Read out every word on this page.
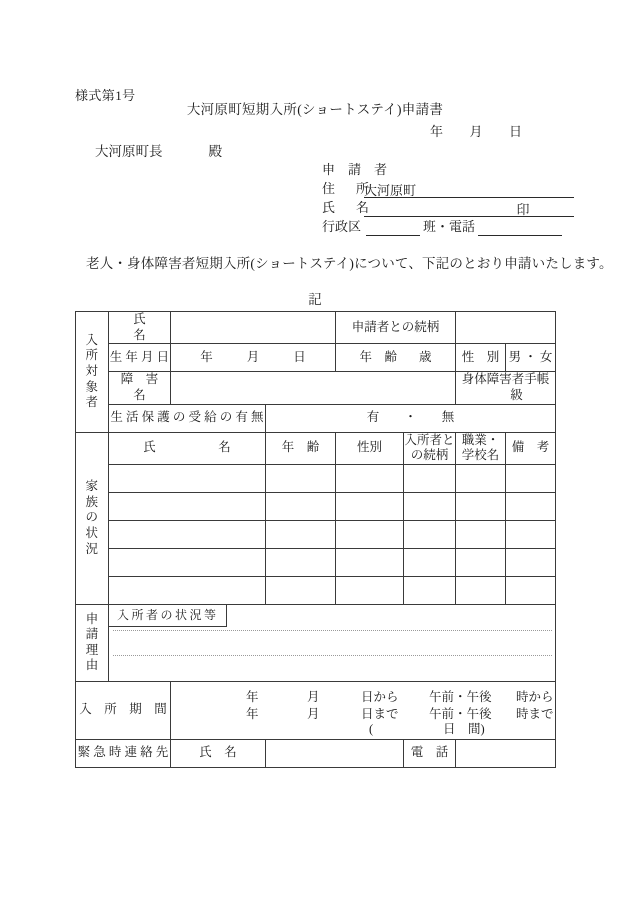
様式第1号
大河原町短期入所(ショートステイ)申請書
年 月 日
大河原町長	殿
申　請　者
住　所
大河原町
氏　名	印
行政区	班・電話
老人・身体障害者短期入所(ショートステイ)について、下記のとおり申請いたします。
記
入
所
対
象
者	氏　　　名			申請者との続柄			
	生 年 月 日	年 月 日		年　齢 歳		性　別	男 ・ 女
	障　害　名					身体障害者手帳級	
	生 活 保 護 の 受 給 の 有 無		有　　・　　無				

家
族
の
状
況	氏　　　　　名		年　齢	性別	入所者との続柄	職業・学校名	備　考

申
請
理
由	入所者の状況等						

入　所　期　間	
年	月	日から 午前・午後 時から
年	月	日まで 午前・午後 時まで
(	日　間)

緊 急 時 連 絡 先		氏　名			電　話		
